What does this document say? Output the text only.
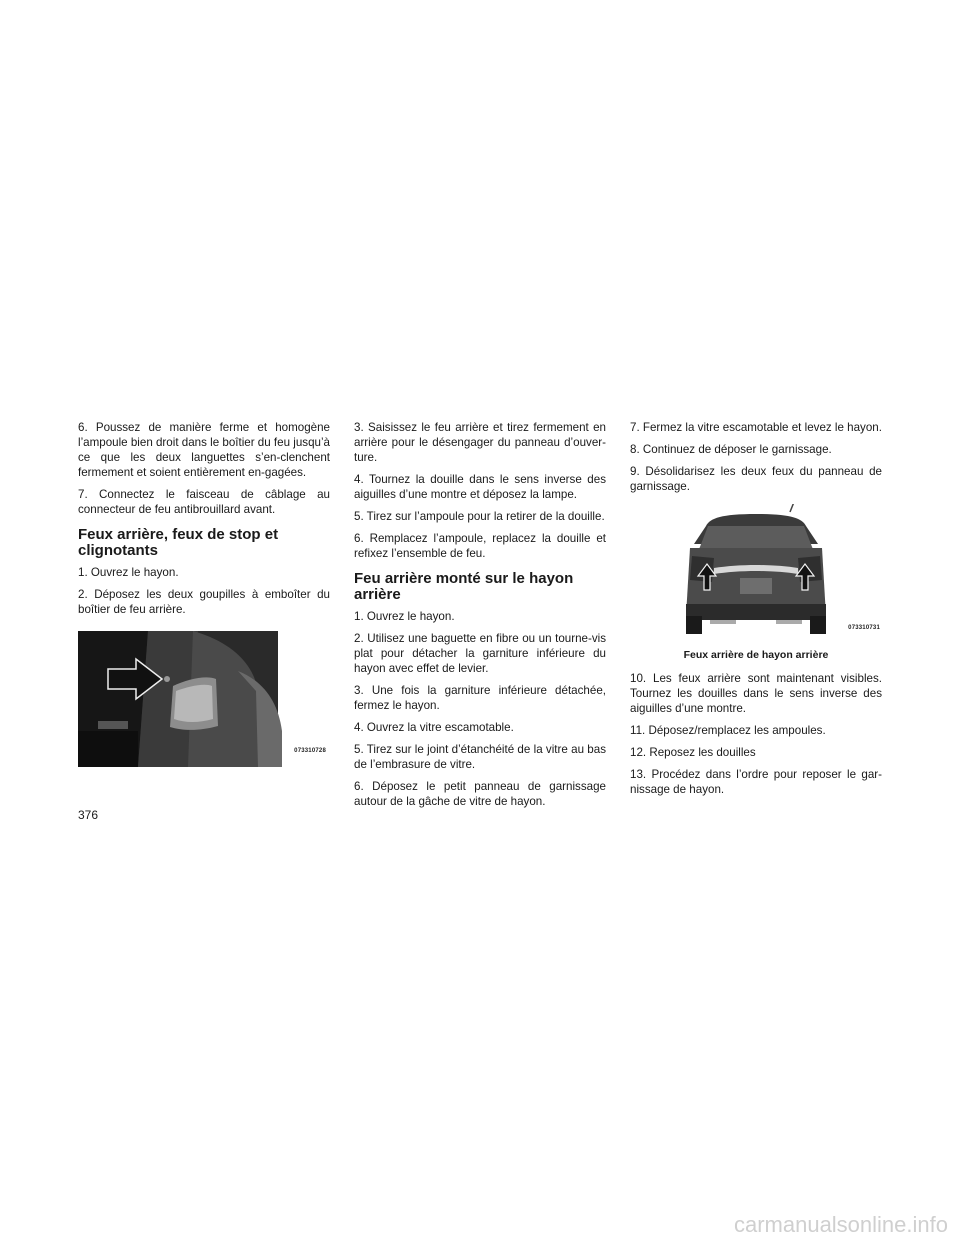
6. Poussez de manière ferme et homogène l’ampoule bien droit dans le boîtier du feu jusqu’à ce que les deux languettes s’en-clenchent fermement et soient entièrement en-gagées.

7. Connectez le faisceau de câblage au connecteur de feu antibrouillard avant.

Feux arrière, feux de stop et clignotants

1. Ouvrez le hayon.

2. Déposez les deux goupilles à emboîter du boîtier de feu arrière.

073310728

3. Saisissez le feu arrière et tirez fermement en arrière pour le désengager du panneau d’ouver-ture.

4. Tournez la douille dans le sens inverse des aiguilles d’une montre et déposez la lampe.

5. Tirez sur l’ampoule pour la retirer de la douille.

6. Remplacez l’ampoule, replacez la douille et refixez l’ensemble de feu.

Feu arrière monté sur le hayon arrière

1. Ouvrez le hayon.

2. Utilisez une baguette en fibre ou un tourne-vis plat pour détacher la garniture inférieure du hayon avec effet de levier.

3. Une fois la garniture inférieure détachée, fermez le hayon.

4. Ouvrez la vitre escamotable.

5. Tirez sur le joint d’étanchéité de la vitre au bas de l’embrasure de vitre.

6. Déposez le petit panneau de garnissage autour de la gâche de vitre de hayon.

7. Fermez la vitre escamotable et levez le hayon.

8. Continuez de déposer le garnissage.

9. Désolidarisez les deux feux du panneau de garnissage.

073310731
Feux arrière de hayon arrière

10. Les feux arrière sont maintenant visibles. Tournez les douilles dans le sens inverse des aiguilles d’une montre.

11. Déposez/remplacez les ampoules.

12. Reposez les douilles

13. Procédez dans l’ordre pour reposer le gar-nissage de hayon.

376
carmanualsonline.info
